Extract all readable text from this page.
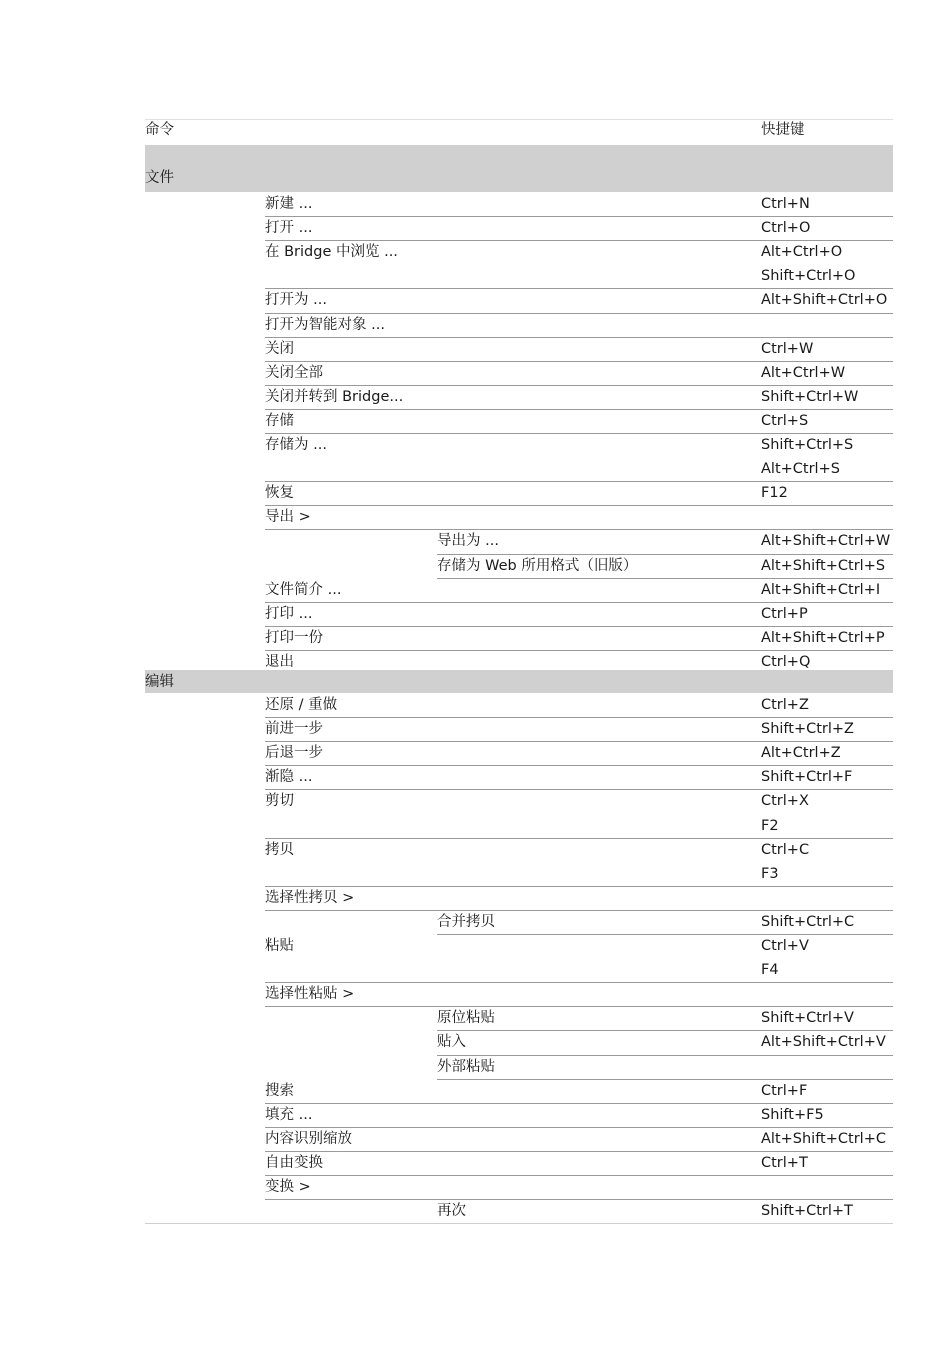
命令	快捷键
文件
新建 ...	Ctrl+N
打开 ...	Ctrl+O
在 Bridge 中浏览 ...	Alt+Ctrl+O
Shift+Ctrl+O
打开为 ...	Alt+Shift+Ctrl+O
打开为智能对象 ...
关闭	Ctrl+W
关闭全部	Alt+Ctrl+W
关闭并转到 Bridge...	Shift+Ctrl+W
存储	Ctrl+S
存储为 ...	Shift+Ctrl+S
Alt+Ctrl+S
恢复	F12
导出 >
导出为 ...	Alt+Shift+Ctrl+W
存储为 Web 所用格式（旧版）	Alt+Shift+Ctrl+S
文件简介 ...	Alt+Shift+Ctrl+I
打印 ...	Ctrl+P
打印一份	Alt+Shift+Ctrl+P
退出	Ctrl+Q
编辑
还原 / 重做	Ctrl+Z
前进一步	Shift+Ctrl+Z
后退一步	Alt+Ctrl+Z
渐隐 ...	Shift+Ctrl+F
剪切	Ctrl+X
F2
拷贝	Ctrl+C
F3
选择性拷贝 >
合并拷贝	Shift+Ctrl+C
粘贴	Ctrl+V
F4
选择性粘贴 >
原位粘贴	Shift+Ctrl+V
贴入	Alt+Shift+Ctrl+V
外部粘贴
搜索	Ctrl+F
填充 ...	Shift+F5
内容识别缩放	Alt+Shift+Ctrl+C
自由变换	Ctrl+T
变换 >
再次	Shift+Ctrl+T
